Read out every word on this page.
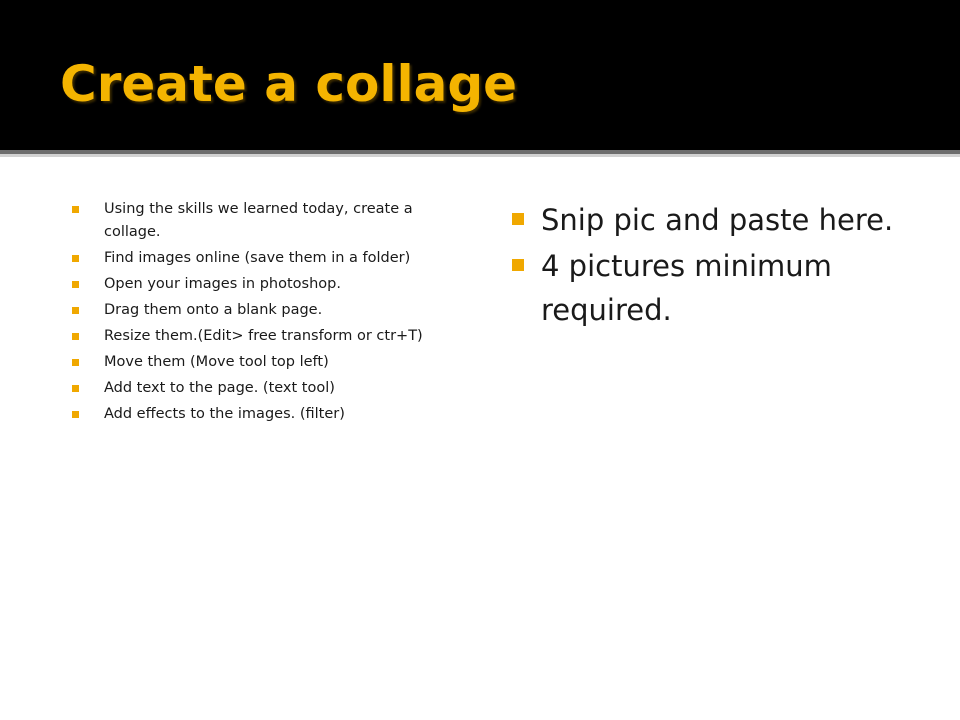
Create a collage
Using the skills we learned today, create a collage.
Find images online (save them in a folder)
Open your images in photoshop.
Drag them onto a blank page.
Resize them.(Edit> free transform or ctr+T)
Move them (Move tool top left)
Add text to the page. (text tool)
Add effects to the images. (filter)
Snip pic and paste here.
4 pictures minimum required.
